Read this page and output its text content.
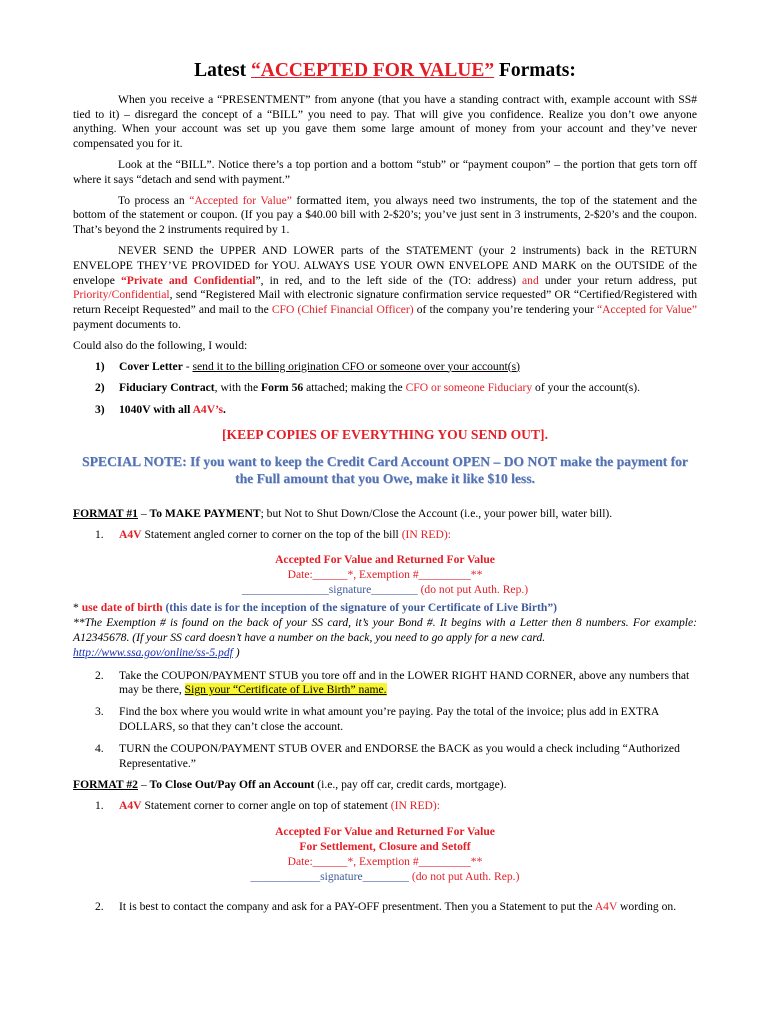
Latest “ACCEPTED FOR VALUE” Formats:

When you receive a “PRESENTMENT” from anyone (that you have a standing contract with, example account with SS# tied to it) – disregard the concept of a “BILL” you need to pay. That will give you confidence. Realize you don’t owe anyone anything. When your account was set up you gave them some large amount of money from your account and they’ve never compensated you for it.

Look at the “BILL”. Notice there’s a top portion and a bottom “stub” or “payment coupon” – the portion that gets torn off where it says “detach and send with payment.”

To process an “Accepted for Value” formatted item, you always need two instruments, the top of the statement and the bottom of the statement or coupon. (If you pay a $40.00 bill with 2-$20’s; you’ve just sent in 3 instruments, 2-$20’s and the coupon. That’s beyond the 2 instruments required by 1.

NEVER SEND the UPPER AND LOWER parts of the STATEMENT (your 2 instruments) back in the RETURN ENVELOPE THEY’VE PROVIDED for YOU. ALWAYS USE YOUR OWN ENVELOPE AND MARK on the OUTSIDE of the envelope “Private and Confidential”, in red, and to the left side of the (TO: address) and under your return address, put Priority/Confidential, send “Registered Mail with electronic signature confirmation service requested” OR “Certified/Registered with return Receipt Requested” and mail to the CFO (Chief Financial Officer) of the company you’re tendering your “Accepted for Value” payment documents to.

Could also do the following, I would:

1)	Cover Letter - send it to the billing origination CFO or someone over your account(s)
2)	Fiduciary Contract, with the Form 56 attached; making the CFO or someone Fiduciary of your the account(s).
3)	1040V with all A4V’s.
[KEEP COPIES OF EVERYTHING YOU SEND OUT].
SPECIAL NOTE: If you want to keep the Credit Card Account OPEN – DO NOT make the payment for the Full amount that you Owe, make it like $10 less.

FORMAT #1 – To MAKE PAYMENT; but Not to Shut Down/Close the Account (i.e., your power bill, water bill).

1.	A4V Statement angled corner to corner on the top of the bill (IN RED):
Accepted For Value and Returned For Value
Date:______*, Exemption #_________**
_______________signature________ (do not put Auth. Rep.)

* use date of birth (this date is for the inception of the signature of your Certificate of Live Birth”)

**The Exemption # is found on the back of your SS card, it’s your Bond #. It begins with a Letter then 8 numbers. For example: A12345678. (If your SS card doesn’t have a number on the back, you need to go apply for a new card.
http://www.ssa.gov/online/ss-5.pdf )

2.	Take the COUPON/PAYMENT STUB you tore off and in the LOWER RIGHT HAND CORNER, above any numbers that may be there, Sign your “Certificate of Live Birth” name.
3.	Find the box where you would write in what amount you’re paying. Pay the total of the invoice; plus add in EXTRA DOLLARS, so that they can’t close the account.
4.	TURN the COUPON/PAYMENT STUB OVER and ENDORSE the BACK as you would a check including “Authorized Representative.”

FORMAT #2 – To Close Out/Pay Off an Account (i.e., pay off car, credit cards, mortgage).

1.	A4V Statement corner to corner angle on top of statement (IN RED):
Accepted For Value and Returned For Value
For Settlement, Closure and Setoff
Date:______*, Exemption #_________**
____________signature________ (do not put Auth. Rep.)
2.	It is best to contact the company and ask for a PAY-OFF presentment. Then you a Statement to put the A4V wording on.
